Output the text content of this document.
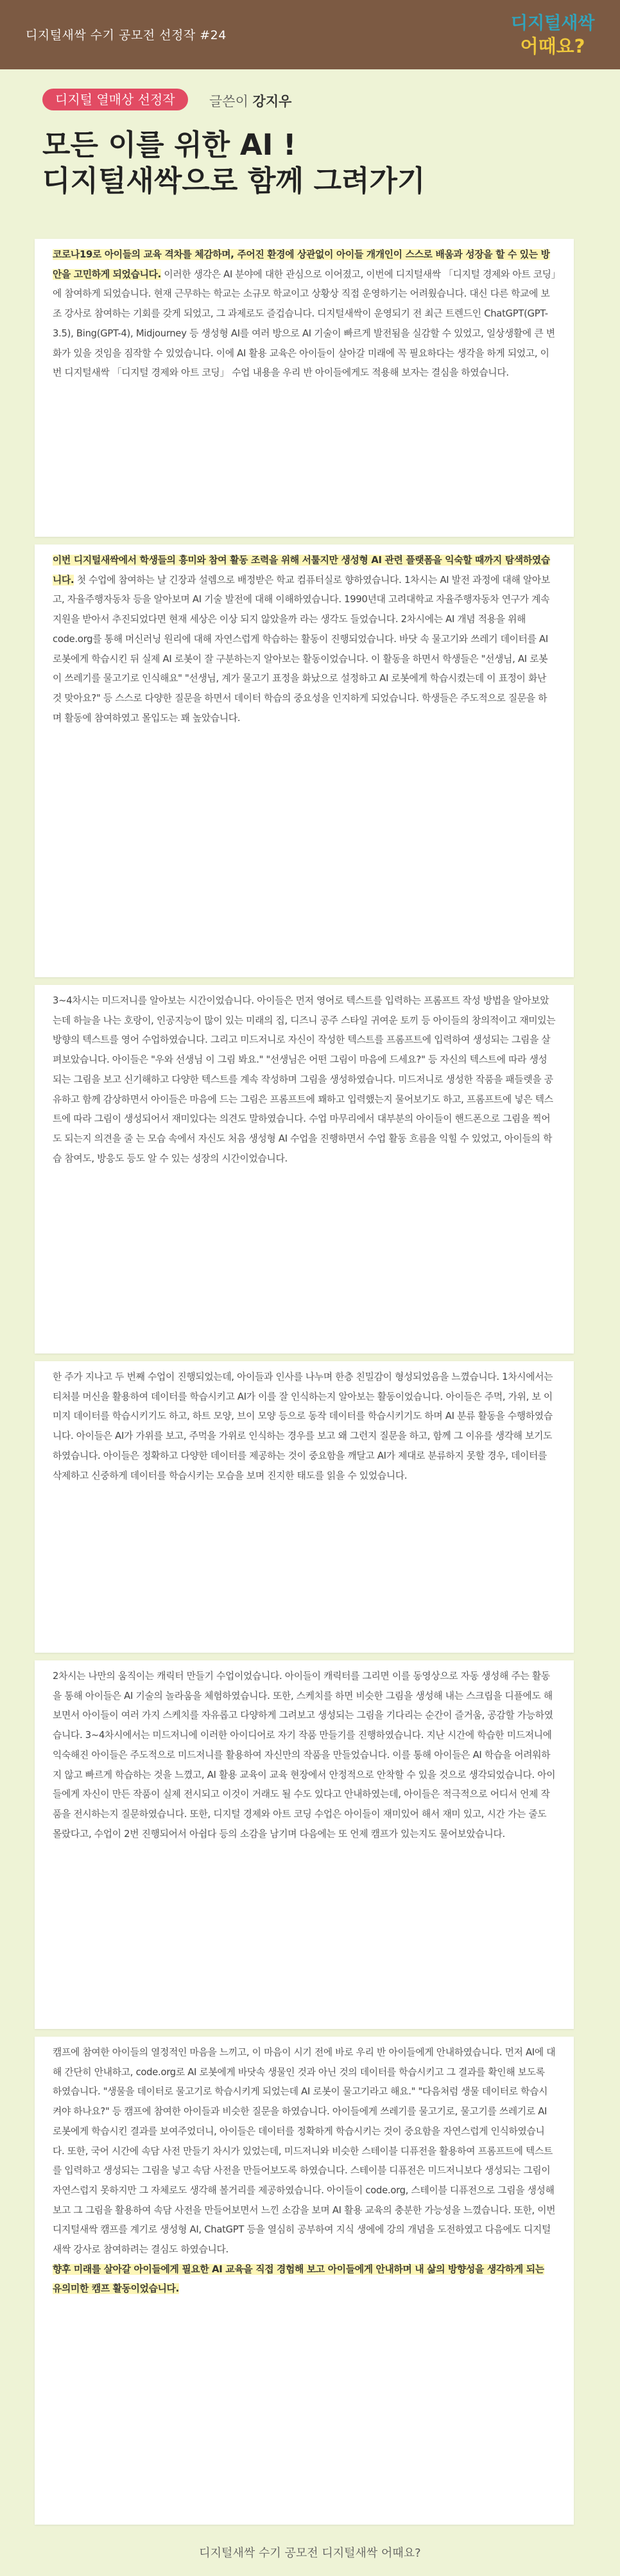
디지털새싹 수기 공모전 선정작 #24
디지털새싹
어때요?
디지털 열매상 선정작	글쓴이 강지우
모든 이를 위한 AI !
디지털새싹으로 함께 그려가기
코로나19로 아이들의 교육 격차를 체감하며, 주어진 환경에 상관없이 아이들 개개인이 스스로 배움과 성장을 할 수 있는 방안을 고민하게 되었습니다. 이러한 생각은 AI 분야에 대한 관심으로 이어졌고, 이번에 디지털새싹 「디지털 경제와 아트 코딩」에 참여하게 되었습니다. 현재 근무하는 학교는 소규모 학교이고 상황상 직접 운영하기는 어려웠습니다. 대신 다른 학교에 보조 강사로 참여하는 기회를 갖게 되었고, 그 과제로도 즐겁습니다. 디지털새싹이 운영되기 전 최근 트렌드인 ChatGPT(GPT-3.5), Bing(GPT-4), Midjourney 등 생성형 AI를 여러 방으로 AI 기술이 빠르게 발전됨을 실감할 수 있었고, 일상생활에 큰 변화가 있을 것임을 짐작할 수 있었습니다. 이에 AI 활용 교육은 아이들이 살아갈 미래에 꼭 필요하다는 생각을 하게 되었고, 이번 디지털새싹 「디지털 경제와 아트 코딩」 수업 내용을 우리 반 아이들에게도 적용해 보자는 결심을 하였습니다.
이번 디지털새싹에서 학생들의 흥미와 참여 활동 조력을 위해 서툴지만 생성형 AI 관련 플랫폼을 익숙할 때까지 탐색하였습니다. 첫 수업에 참여하는 날 긴장과 설렘으로 배정받은 학교 컴퓨터실로 향하였습니다. 1차시는 AI 발전 과정에 대해 알아보고, 자율주행자동차 등을 알아보며 AI 기술 발전에 대해 이해하였습니다. 1990년대 고려대학교 자율주행자동차 연구가 계속 지원을 받아서 추진되었다면 현재 세상은 이상 되지 않았을까 라는 생각도 들었습니다. 2차시에는 AI 개념 적용을 위해 code.org를 통해 머신러닝 원리에 대해 자연스럽게 학습하는 활동이 진행되었습니다. 바닷 속 물고기와 쓰레기 데이터를 AI 로봇에게 학습시킨 뒤 실제 AI 로봇이 잘 구분하는지 알아보는 활동이었습니다. 이 활동을 하면서 학생들은 "선생님, AI 로봇이 쓰레기를 물고기로 인식해요" "선생님, 계가 물고기 표정을 화났으로 설정하고 AI 로봇에게 학습시켰는데 이 표정이 화난 것 맞아요?" 등 스스로 다양한 질문을 하면서 데이터 학습의 중요성을 인지하게 되었습니다. 학생들은 주도적으로 질문을 하며 활동에 참여하였고 몰입도는 꽤 높았습니다.
3~4차시는 미드저니를 알아보는 시간이었습니다. 아이들은 먼저 영어로 텍스트를 입력하는 프롬프트 작성 방법을 알아보았는데 하늘을 나는 호랑이, 인공지능이 많이 있는 미래의 집, 디즈니 공주 스타일 귀여운 토끼 등 아이들의 창의적이고 재미있는 방향의 텍스트를 영어 수업하였습니다. 그리고 미드저니로 자신이 작성한 텍스트를 프롬프트에 입력하여 생성되는 그림을 살펴보았습니다. 아이들은 "우와 선생님 이 그림 봐요." "선생님은 어떤 그림이 마음에 드세요?" 등 자신의 텍스트에 따라 생성되는 그림을 보고 신기해하고 다양한 텍스트를 계속 작성하며 그림을 생성하였습니다. 미드저니로 생성한 작품을 패들렛을 공유하고 함께 감상하면서 아이들은 마음에 드는 그림은 프롬프트에 꽤하고 입력했는지 물어보기도 하고, 프롬프트에 넣은 텍스트에 따라 그림이 생성되어서 재미있다는 의견도 말하였습니다. 수업 마무리에서 대부분의 아이들이 핸드폰으로 그림을 찍어도 되는지 의견을 줄 는 모습 속에서 자신도 처음 생성형 AI 수업을 진행하면서 수업 활동 흐름을 익힐 수 있었고, 아이들의 학습 참여도, 방응도 등도 알 수 있는 성장의 시간이었습니다.
한 주가 지나고 두 번째 수업이 진행되었는데, 아이들과 인사를 나누며 한층 친밀감이 형성되었음을 느꼈습니다. 1차시에서는 티처블 머신을 활용하여 데이터를 학습시키고 AI가 이를 잘 인식하는지 알아보는 활동이었습니다. 아이들은 주먹, 가위, 보 이미지 데이터를 학습시키기도 하고, 하트 모양, 브이 모양 등으로 동작 데이터를 학습시키기도 하며 AI 분류 활동을 수행하였습니다. 아이들은 AI가 가위를 보고, 주먹을 가위로 인식하는 경우를 보고 왜 그런지 질문을 하고, 함께 그 이유를 생각해 보기도 하였습니다. 아이들은 정확하고 다양한 데이터를 제공하는 것이 중요함을 깨달고 AI가 제대로 분류하지 못할 경우, 데이터를 삭제하고 신중하게 데이터를 학습시키는 모습을 보며 진지한 태도를 읽을 수 있었습니다.
2차시는 나만의 움직이는 캐릭터 만들기 수업이었습니다. 아이들이 캐릭터를 그리면 이를 동영상으로 자동 생성해 주는 활동을 통해 아이들은 AI 기술의 놀라움을 체험하였습니다. 또한, 스케치를 하면 비슷한 그림을 생성해 내는 스크립을 디플에도 해보면서 아이들이 여러 가지 스케치를 자유롭고 다양하게 그려보고 생성되는 그림을 기다리는 순간이 즐거움, 공감할 가능하였습니다. 3~4차시에서는 미드저니에 이러한 아이디어로 자기 작품 만들기를 진행하였습니다. 지난 시간에 학습한 미드저니에 익숙해진 아이들은 주도적으로 미드저니를 활용하여 자신만의 작품을 만들었습니다. 이를 통해 아이들은 AI 학습을 어려워하지 않고 빠르게 학습하는 것을 느꼈고, AI 활용 교육이 교육 현장에서 안정적으로 안착할 수 있을 것으로 생각되었습니다. 아이들에게 자신이 만든 작품이 실제 전시되고 이것이 거래도 될 수도 있다고 안내하였는데, 아이들은 적극적으로 어디서 언제 작품을 전시하는지 질문하였습니다. 또한, 디지털 경제와 아트 코딩 수업은 아이들이 재미있어 해서 재미 있고, 시간 가는 줄도 몰랐다고, 수업이 2번 진행되어서 아쉽다 등의 소감을 남기며 다음에는 또 언제 캠프가 있는지도 물어보았습니다.
캠프에 참여한 아이들의 열정적인 마음을 느끼고, 이 마음이 시기 전에 바로 우리 반 아이들에게 안내하였습니다. 먼저 AI에 대해 간단히 안내하고, code.org로 AI 로봇에게 바닷속 생물인 것과 아닌 것의 데이터를 학습시키고 그 결과를 확인해 보도록 하였습니다. "생물을 데이터로 물고기로 학습시키게 되었는데 AI 로봇이 물고기라고 해요." "다음처럼 생물 데이터로 학습시켜야 하나요?" 등 캠프에 참여한 아이들과 비슷한 질문을 하였습니다. 아이들에게 쓰레기를 물고기로, 물고기를 쓰레기로 AI 로봇에게 학습시킨 결과를 보여주었더니, 아이들은 데이터를 정확하게 학습시키는 것이 중요함을 자연스럽게 인식하였습니다. 또한, 국어 시간에 속담 사전 만들기 차시가 있었는데, 미드저니와 비슷한 스테이블 디퓨전을 활용하여 프롬프트에 텍스트를 입력하고 생성되는 그림을 넣고 속담 사전을 만들어보도록 하였습니다. 스테이블 디퓨전은 미드저니보다 생성되는 그림이 자연스럽지 못하지만 그 자체로도 생각해 볼거리를 제공하였습니다. 아이들이 code.org, 스테이블 디퓨전으로 그림을 생성해 보고 그 그림을 활용하여 속담 사전을 만들어보면서 느낀 소감을 보며 AI 활용 교육의 충분한 가능성을 느꼈습니다. 또한, 이번 디지털새싹 캠프를 계기로 생성형 AI, ChatGPT 등을 열심히 공부하여 지식 생에에 강의 개념을 도전하였고 다음에도 디지털새싹 강사로 참여하려는 결심도 하였습니다.
향후 미래를 살아갈 아이들에게 필요한 AI 교육을 직접 경험해 보고 아이들에게 안내하며 내 삶의 방향성을 생각하게 되는 유의미한 캠프 활동이었습니다.
디지털새싹 수기 공모전 디지털새싹 어때요?
